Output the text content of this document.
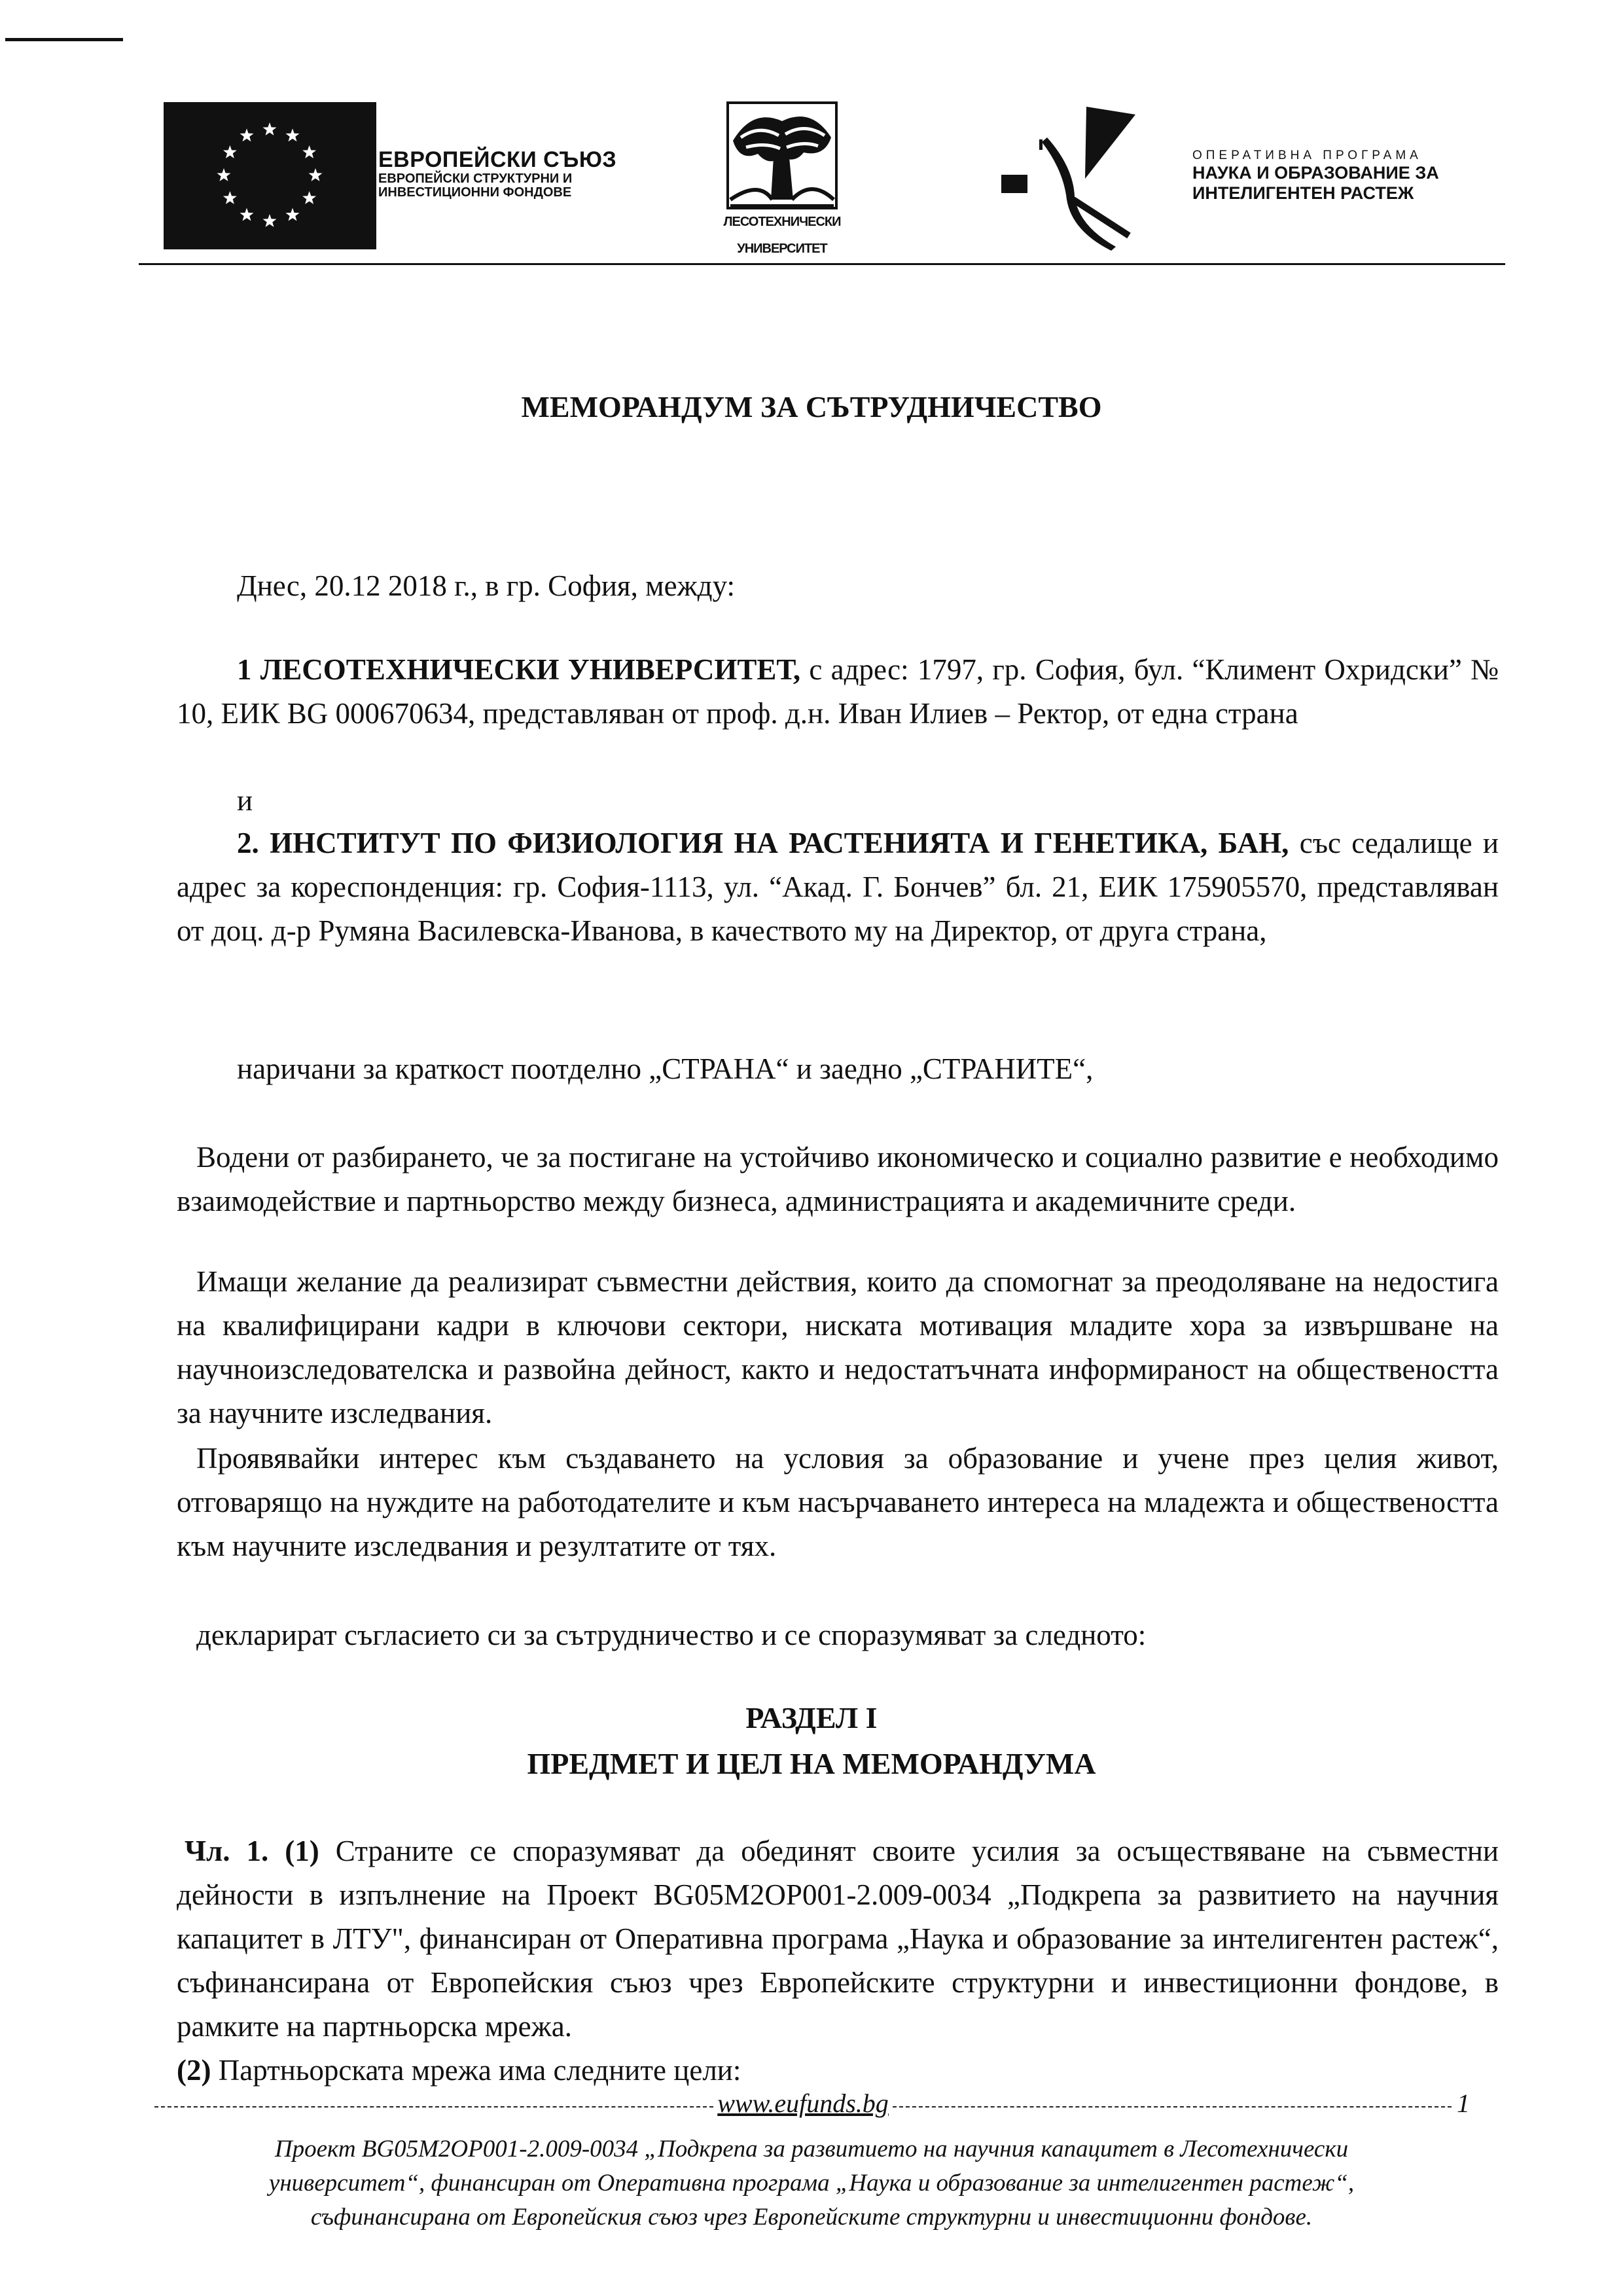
ЕВРОПЕЙСКИ СЪЮЗ
ЕВРОПЕЙСКИ СТРУКТУРНИ И
ИНВЕСТИЦИОННИ ФОНДОВЕ
ЛЕСОТЕХНИЧЕСКИ
УНИВЕРСИТЕТ
ОПЕРАТИВНА ПРОГРАМА
НАУКА И ОБРАЗОВАНИЕ ЗА
ИНТЕЛИГЕНТЕН РАСТЕЖ
МЕМОРАНДУМ ЗА СЪТРУДНИЧЕСТВО
Днес, 20.12 2018 г., в гр. София, между:
1 ЛЕСОТЕХНИЧЕСКИ УНИВЕРСИТЕТ, с адрес: 1797, гр. София, бул. “Климент Охридски” № 10, ЕИК BG 000670634, представляван от проф. д.н. Иван Илиев – Ректор, от една страна
и
2. ИНСТИТУТ ПО ФИЗИОЛОГИЯ НА РАСТЕНИЯТА И ГЕНЕТИКА, БАН, със седалище и адрес за кореспонденция: гр. София-1113, ул. “Акад. Г. Бончев” бл. 21, ЕИК 175905570, представляван от доц. д-р Румяна Василевска-Иванова, в качеството му на Директор, от друга страна,
наричани за краткост поотделно „СТРАНА“ и заедно „СТРАНИТЕ“,
Водени от разбирането, че за постигане на устойчиво икономическо и социално развитие е необходимо взаимодействие и партньорство между бизнеса, администрацията и академичните среди.
Имащи желание да реализират съвместни действия, които да спомогнат за преодоляване на недостига на квалифицирани кадри в ключови сектори, ниската мотивация младите хора за извършване на научноизследователска и развойна дейност, както и недостатъчната информираност на обществеността за научните изследвания.
Проявявайки интерес към създаването на условия за образование и учене през целия живот, отговарящо на нуждите на работодателите и към насърчаването интереса на младежта и обществеността към научните изследвания и резултатите от тях.
декларират съгласието си за сътрудничество и се споразумяват за следното:
РАЗДЕЛ I
ПРЕДМЕТ И ЦЕЛ НА МЕМОРАНДУМА
Чл. 1. (1) Страните се споразумяват да обединят своите усилия за осъществяване на съвместни дейности в изпълнение на Проект BG05M2OP001-2.009-0034 „Подкрепа за развитието на научния капацитет в ЛТУ", финансиран от Оперативна програма „Наука и образование за интелигентен растеж“, съфинансирана от Европейския съюз чрез Европейските структурни и инвестиционни фондове, в рамките на партньорска мрежа.
(2) Партньорската мрежа има следните цели:
www.eufunds.bg	1
Проект BG05M2OP001-2.009-0034 „Подкрепа за развитието на научния капацитет в Лесотехнически
университет“, финансиран от Оперативна програма „Наука и образование за интелигентен растеж“,
съфинансирана от Европейския съюз чрез Европейските структурни и инвестиционни фондове.
